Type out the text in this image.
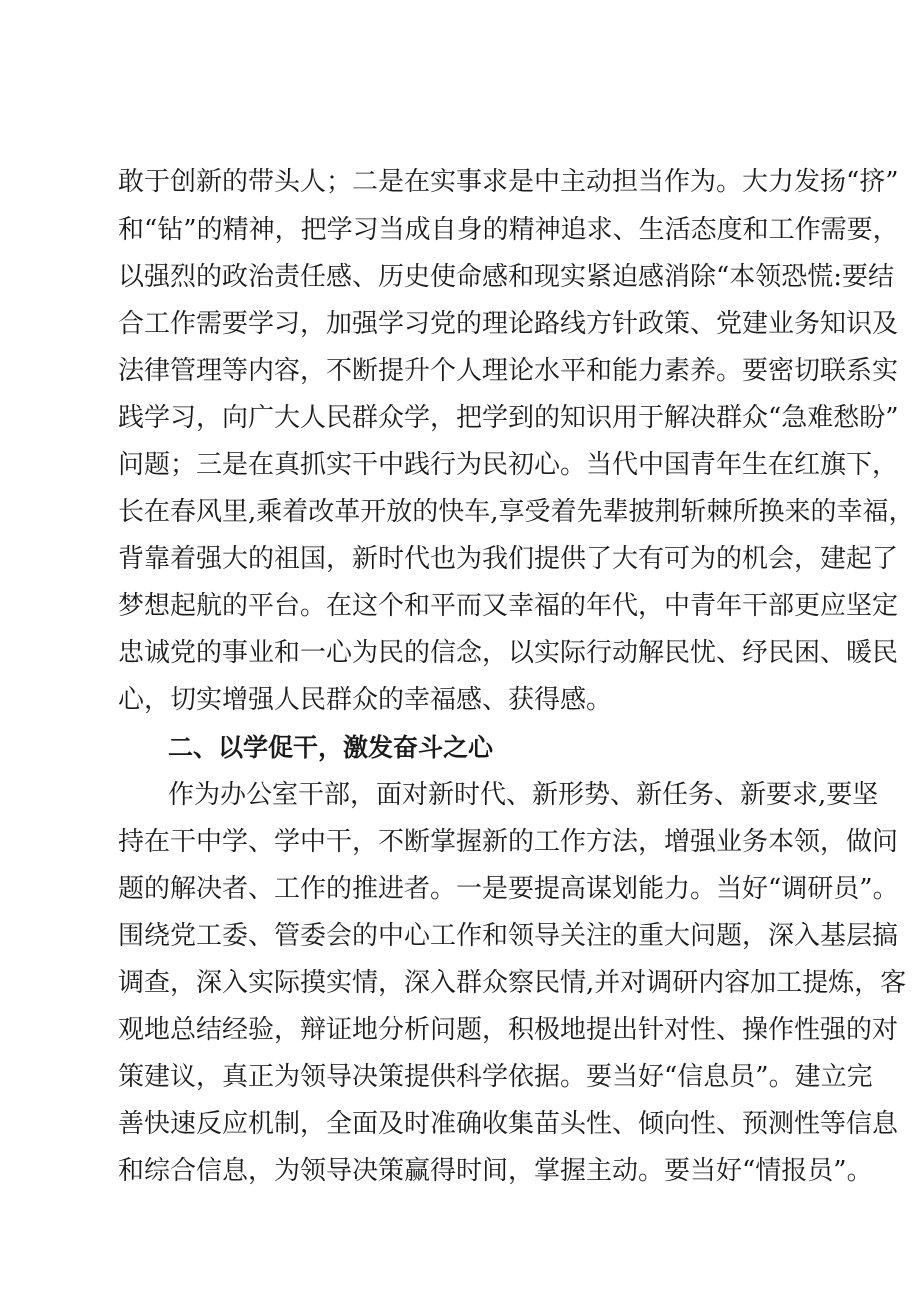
敢于创新的带头人；二是在实事求是中主动担当作为。大力发扬“挤”
和“钻”的精神，把学习当成自身的精神追求、生活态度和工作需要，
以强烈的政治责任感、历史使命感和现实紧迫感消除“本领恐慌:要结
合工作需要学习，加强学习党的理论路线方针政策、党建业务知识及
法律管理等内容，不断提升个人理论水平和能力素养。要密切联系实
践学习，向广大人民群众学，把学到的知识用于解决群众“急难愁盼”
问题；三是在真抓实干中践行为民初心。当代中国青年生在红旗下，
长在春风里,乘着改革开放的快车,享受着先辈披荆斩棘所换来的幸福，
背靠着强大的祖国，新时代也为我们提供了大有可为的机会，建起了
梦想起航的平台。在这个和平而又幸福的年代，中青年干部更应坚定
忠诚党的事业和一心为民的信念，以实际行动解民忧、纾民困、暖民
心，切实增强人民群众的幸福感、获得感。
二、以学促干，激发奋斗之心
作为办公室干部，面对新时代、新形势、新任务、新要求,要坚
持在干中学、学中干，不断掌握新的工作方法，增强业务本领，做问
题的解决者、工作的推进者。一是要提高谋划能力。当好“调研员”。
围绕党工委、管委会的中心工作和领导关注的重大问题，深入基层搞
调查，深入实际摸实情，深入群众察民情,并对调研内容加工提炼，客
观地总结经验，辩证地分析问题，积极地提出针对性、操作性强的对
策建议，真正为领导决策提供科学依据。要当好“信息员”。建立完
善快速反应机制，全面及时准确收集苗头性、倾向性、预测性等信息
和综合信息，为领导决策赢得时间，掌握主动。要当好“情报员”。
